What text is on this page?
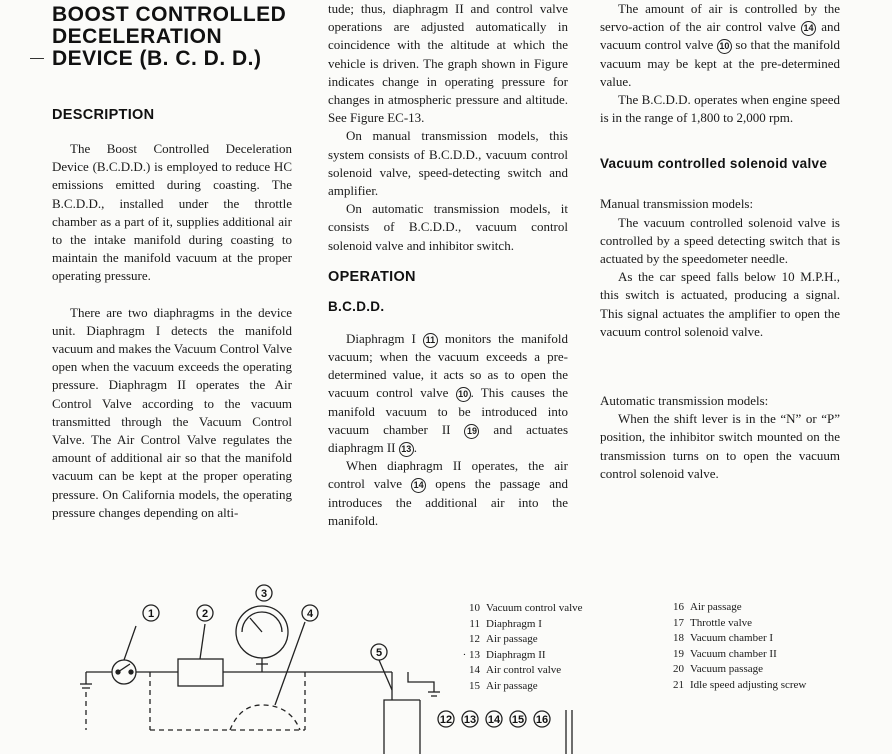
BOOST CONTROLLED
DECELERATION
DEVICE (B. C. D. D.)
DESCRIPTION

The Boost Controlled Deceleration Device (B.C.D.D.) is employed to reduce HC emissions emitted during coasting. The B.C.D.D., installed under the throttle chamber as a part of it, supplies additional air to the intake manifold during coasting to maintain the manifold vacuum at the proper operating pressure.

There are two diaphragms in the device unit. Diaphragm I detects the manifold vacuum and makes the Vacuum Control Valve open when the vacuum exceeds the operating pressure. Diaphragm II operates the Air Control Valve according to the vacuum transmitted through the Vacuum Control Valve. The Air Control Valve regulates the amount of additional air so that the manifold vacuum can be kept at the proper operating pressure. On California models, the operating pressure changes depending on alti-

tude; thus, diaphragm II and control valve operations are adjusted automatically in coincidence with the altitude at which the vehicle is driven. The graph shown in Figure indicates change in operating pressure for changes in atmospheric pressure and altitude. See Figure EC-13.

On manual transmission models, this system consists of B.C.D.D., vacuum control solenoid valve, speed-detecting switch and amplifier.

On automatic transmission models, it consists of B.C.D.D., vacuum control solenoid valve and inhibitor switch.

OPERATION
B.C.D.D.

Diaphragm I 11 monitors the manifold vacuum; when the vacuum exceeds a pre-determined value, it acts so as to open the vacuum control valve 10 . This causes the manifold vacuum to be introduced into vacuum chamber II 19 and actuates diaphragm II 13 .

When diaphragm II operates, the air control valve 14 opens the passage and introduces the additional air into the manifold.

The amount of air is controlled by the servo-action of the air control valve 14 and vacuum control valve 10 so that the manifold vacuum may be kept at the pre-determined value.

The B.C.D.D. operates when engine speed is in the range of 1,800 to 2,000 rpm.

Vacuum controlled solenoid valve

Manual transmission models:

The vacuum controlled solenoid valve is controlled by a speed detecting switch that is actuated by the speedometer needle.

As the car speed falls below 10 M.P.H., this switch is actuated, producing a signal. This signal actuates the amplifier to open the vacuum control solenoid valve.

Automatic transmission models:

When the shift lever is in the “N” or “P” position, the inhibitor switch mounted on the transmission turns on to open the vacuum control solenoid valve.

10 Vacuum control valve
11 Diaphragm I
12 Air passage
· 13 Diaphragm II
14 Air control valve
15 Air passage
16 Air passage
17 Throttle valve
18 Vacuum chamber I
19 Vacuum chamber II
20 Vacuum passage
21 Idle speed adjusting screw
1	2
3
4
5
12 13 14 15 16
